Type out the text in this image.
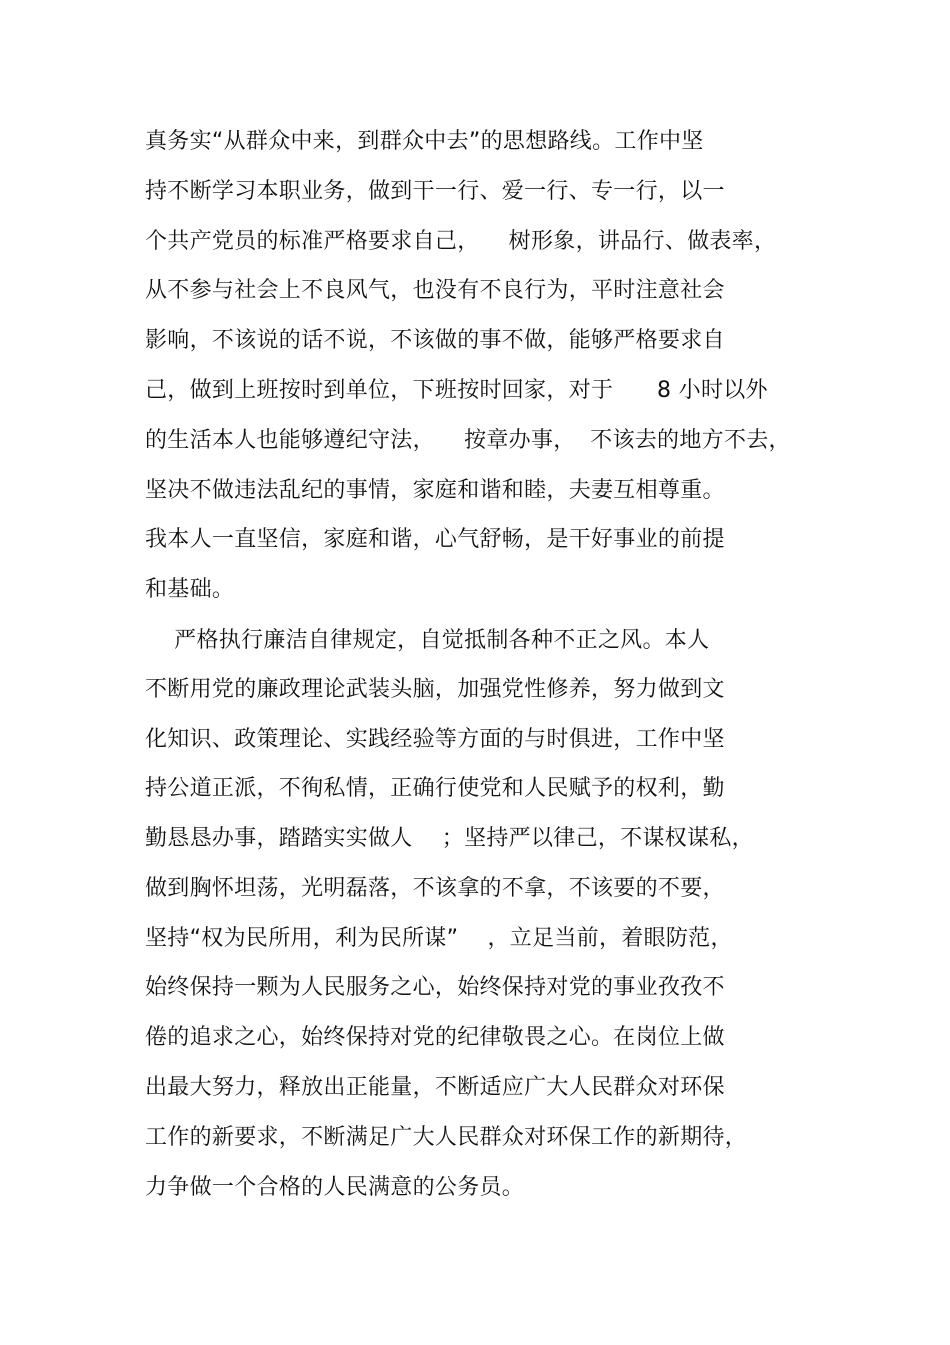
真务实“从群众中来，到群众中去”的思想路线。工作中坚
持不断学习本职业务，做到干一行、爱一行、专一行，以一
个共产党员的标准严格要求自己，    树形象，讲品行、做表率，
从不参与社会上不良风气，也没有不良行为，平时注意社会
影响，不该说的话不说，不该做的事不做，能够严格要求自
己，做到上班按时到单位，下班按时回家，对于      8 小时以外
的生活本人也能够遵纪守法，    按章办事，  不该去的地方不去，
坚决不做违法乱纪的事情，家庭和谐和睦，夫妻互相尊重。
我本人一直坚信，家庭和谐，心气舒畅，是干好事业的前提
和基础。
严格执行廉洁自律规定，自觉抵制各种不正之风。本人
不断用党的廉政理论武装头脑，加强党性修养，努力做到文
化知识、政策理论、实践经验等方面的与时俱进，工作中坚
持公道正派，不徇私情，正确行使党和人民赋予的权利，勤
勤恳恳办事，踏踏实实做人    ；坚持严以律己，不谋权谋私，
做到胸怀坦荡，光明磊落，不该拿的不拿，不该要的不要，
坚持“权为民所用，利为民所谋”    ，立足当前，着眼防范，
始终保持一颗为人民服务之心，始终保持对党的事业孜孜不
倦的追求之心，始终保持对党的纪律敬畏之心。在岗位上做
出最大努力，释放出正能量，不断适应广大人民群众对环保
工作的新要求，不断满足广大人民群众对环保工作的新期待，
力争做一个合格的人民满意的公务员。
